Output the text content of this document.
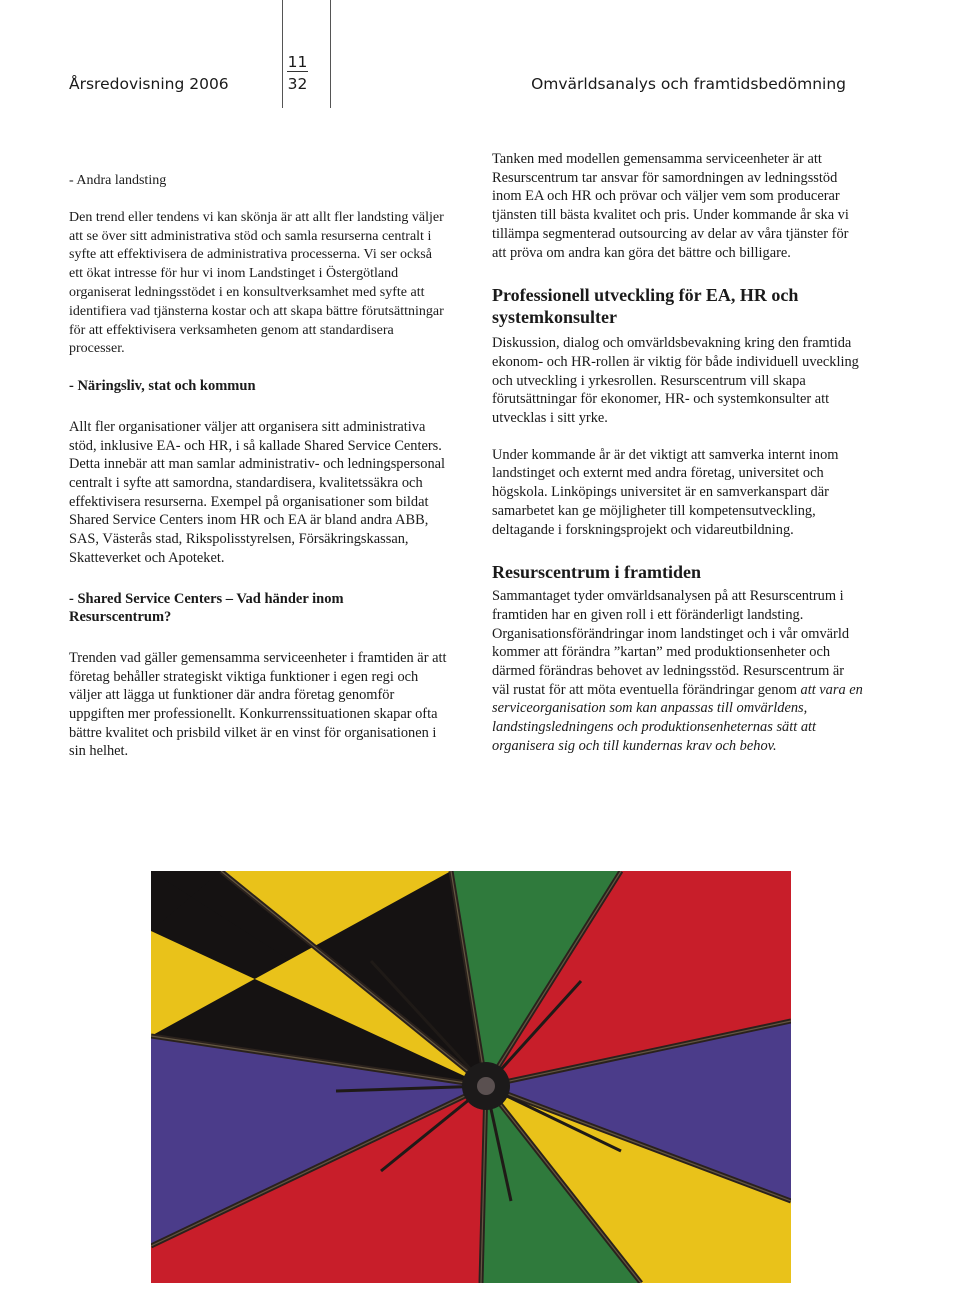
Årsredovisning 2006
11
32	Omvärldsanalys och framtidsbedömning

- Andra landsting

Den trend eller tendens vi kan skönja är att allt fler landsting väljer att se över sitt administrativa stöd och samla resurserna centralt i syfte att effektivisera de administrativa processerna. Vi ser också ett ökat intresse för hur vi inom Landstinget i Östergötland organiserat ledningsstödet i en konsultverksamhet med syfte att identifiera vad tjänsterna kostar och att skapa bättre förutsättningar för att effektivisera verksamheten genom att standardisera processer.

- Näringsliv, stat och kommun

Allt fler organisationer väljer att organisera sitt administrativa stöd, inklusive EA- och HR, i så kallade Shared Service Centers. Detta innebär att man samlar administrativ- och ledningspersonal centralt i syfte att samordna, standardisera, kvalitetssäkra och effektivisera resurserna. Exempel på organisationer som bildat Shared Service Centers inom HR och EA är bland andra ABB, SAS, Västerås stad, Rikspolisstyrelsen, Försäkringskassan, Skatteverket och Apoteket.

- Shared Service Centers – Vad händer inom Resurscentrum?

Trenden vad gäller gemensamma serviceenheter i framtiden är att företag behåller strategiskt viktiga funktioner i egen regi och väljer att lägga ut funktioner där andra företag genomför uppgiften mer professionellt. Konkurrenssituationen skapar ofta bättre kvalitet och prisbild vilket är en vinst för organisationen i sin helhet.

Tanken med modellen gemensamma serviceenheter är att Resurscentrum tar ansvar för samordningen av ledningsstöd inom EA och HR och prövar och väljer vem som producerar tjänsten till bästa kvalitet och pris. Under kommande år ska vi tillämpa segmenterad outsourcing av delar av våra tjänster för att pröva om andra kan göra det bättre och billigare.

Professionell utveckling för EA, HR och systemkonsulter

Diskussion, dialog och omvärldsbevakning kring den framtida ekonom- och HR-rollen är viktig för både individuell uveckling och utveckling i yrkesrollen. Resurscentrum vill skapa förutsättningar för ekonomer, HR- och systemkonsulter att utvecklas i sitt yrke.

Under kommande år är det viktigt att samverka internt inom landstinget och externt med andra företag, universitet och högskola. Linköpings universitet är en samverkanspart där samarbetet kan ge möjligheter till kompetensutveckling, deltagande i forskningsprojekt och vidareutbildning.

Resurscentrum i framtiden

Sammantaget tyder omvärldsanalysen på att Resurscentrum i framtiden har en given roll i ett föränderligt landsting. Organisationsförändringar inom landstinget och i vår omvärld kommer att förändra ”kartan” med produktionsenheter och därmed förändras behovet av ledningsstöd. Resurscentrum är väl rustat för att möta eventuella förändringar genom att vara en serviceorganisation som kan anpassas till omvärldens, landstingsledningens och produktionsenheternas sätt att organisera sig och till kundernas krav och behov.
